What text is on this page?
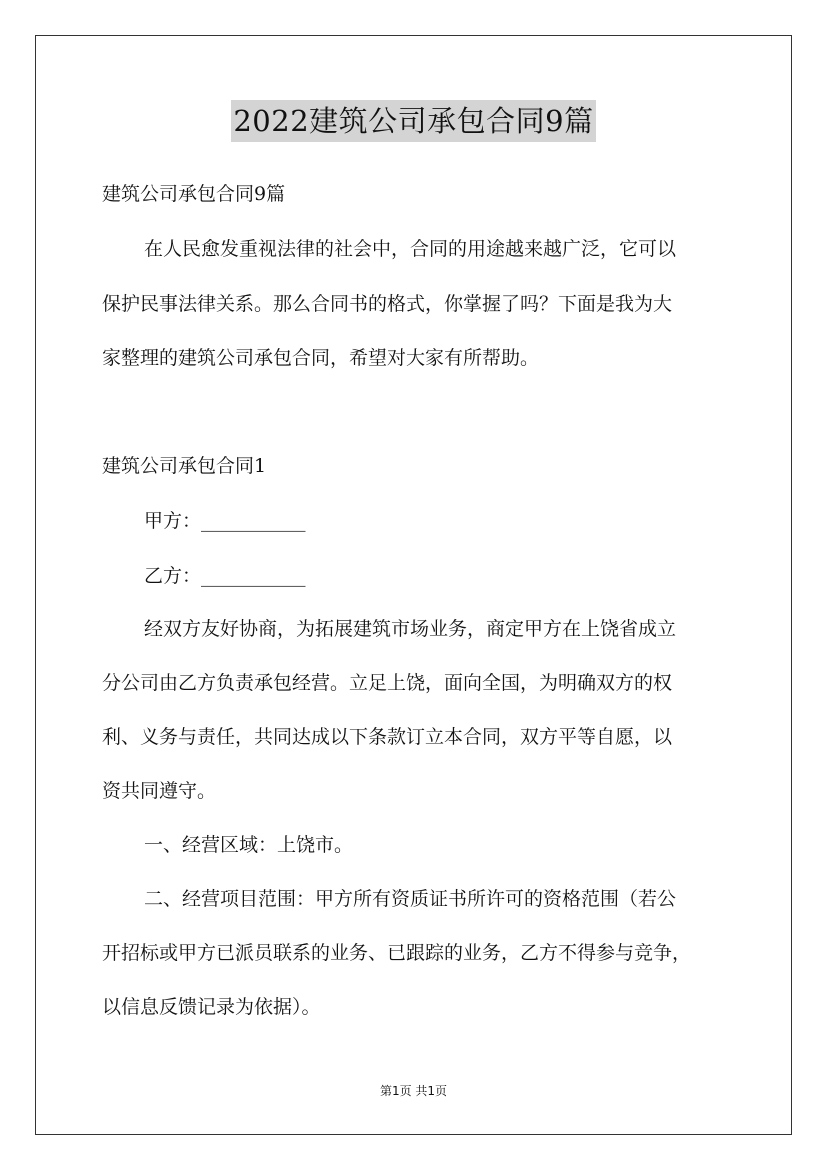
2022建筑公司承包合同9篇
建筑公司承包合同9篇
在人民愈发重视法律的社会中，合同的用途越来越广泛，它可以
保护民事法律关系。那么合同书的格式，你掌握了吗？下面是我为大
家整理的建筑公司承包合同，希望对大家有所帮助。
建筑公司承包合同1
甲方：___________
乙方：___________
经双方友好协商，为拓展建筑市场业务，商定甲方在上饶省成立
分公司由乙方负责承包经营。立足上饶，面向全国，为明确双方的权
利、义务与责任，共同达成以下条款订立本合同，双方平等自愿，以
资共同遵守。
一、经营区域：上饶市。
二、经营项目范围：甲方所有资质证书所许可的资格范围（若公
开招标或甲方已派员联系的业务、已跟踪的业务，乙方不得参与竞争，
以信息反馈记录为依据）。
第1页 共1页
